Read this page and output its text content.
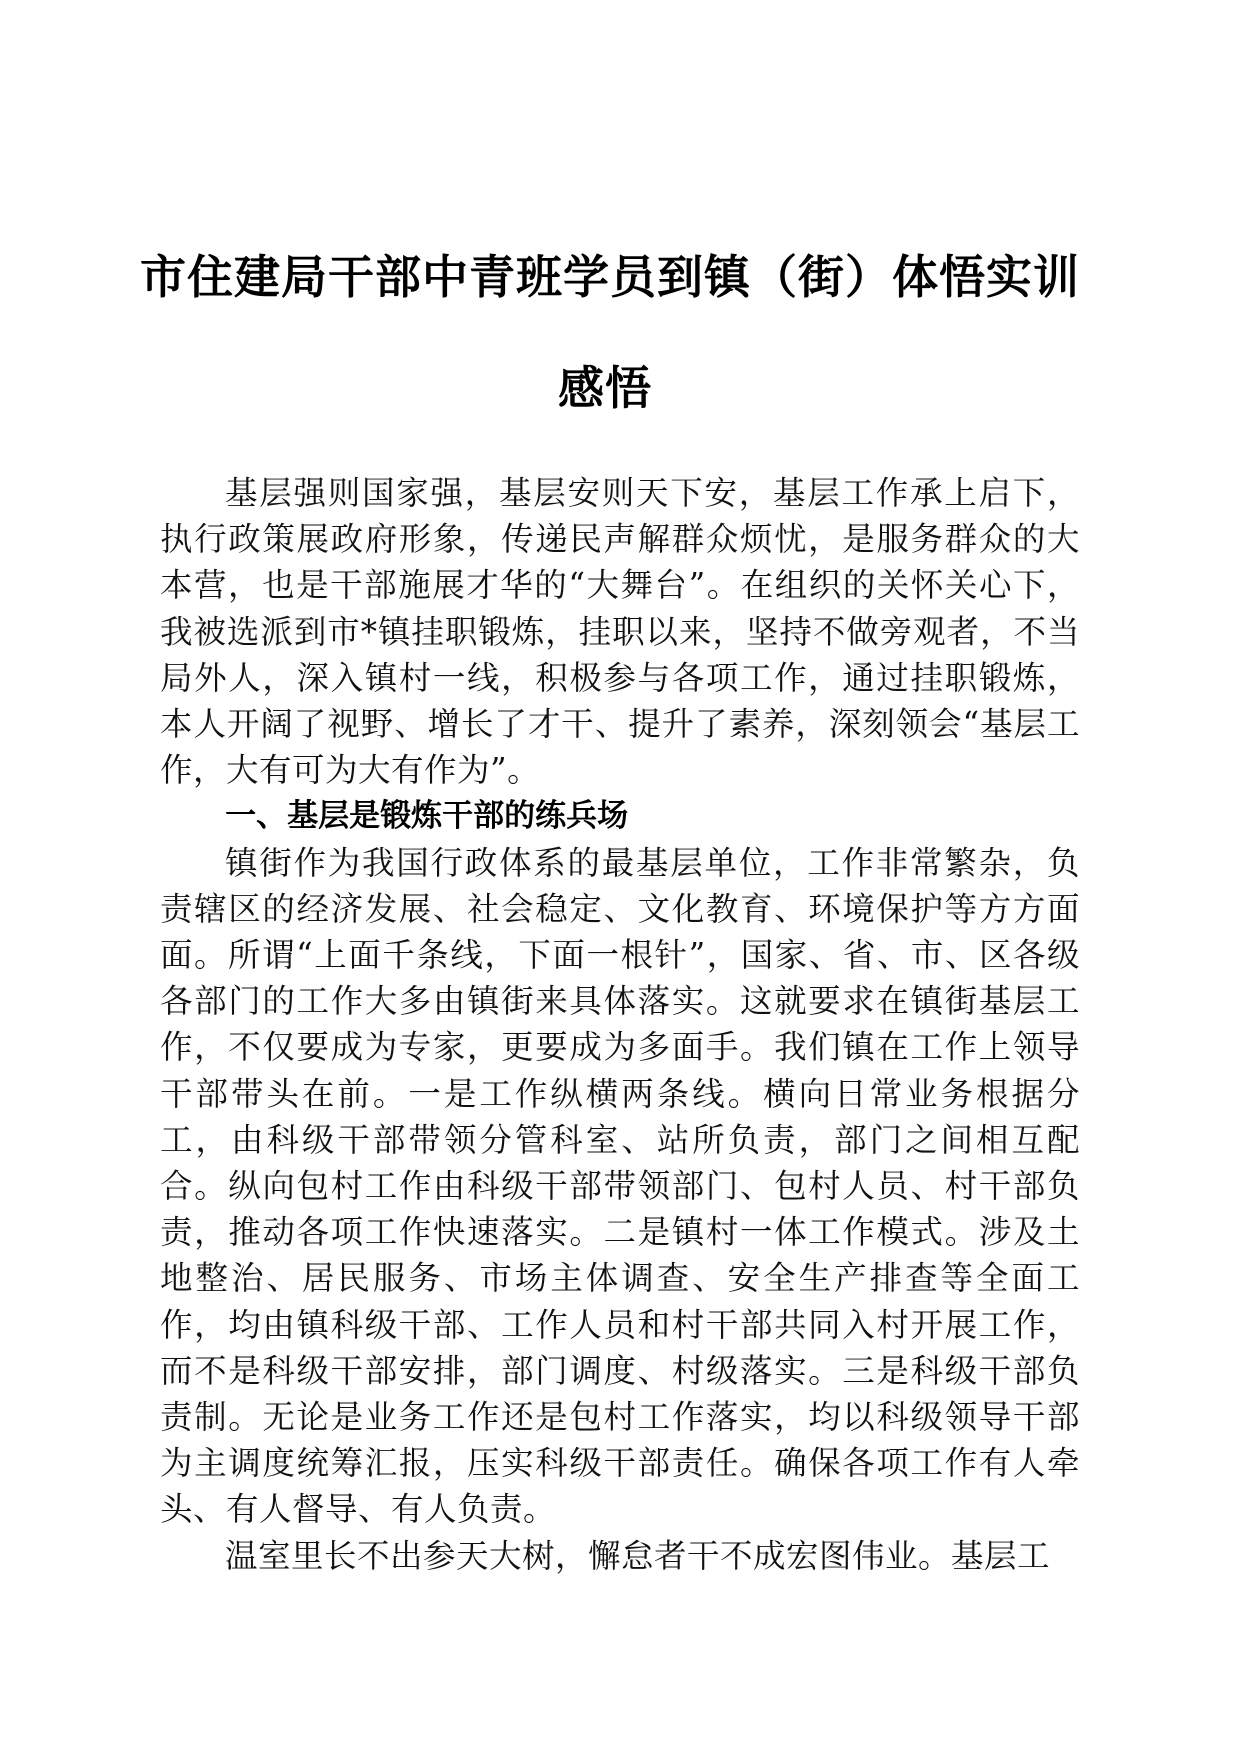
市住建局干部中青班学员到镇（街）体悟实训
感悟

基层强则国家强，基层安则天下安，基层工作承上启下，执行政策展政府形象，传递民声解群众烦忧，是服务群众的大本营，也是干部施展才华的“大舞台”。在组织的关怀关心下，我被选派到市*镇挂职锻炼，挂职以来，坚持不做旁观者，不当局外人，深入镇村一线，积极参与各项工作，通过挂职锻炼，本人开阔了视野、增长了才干、提升了素养，深刻领会“基层工作，大有可为大有作为”。

一、基层是锻炼干部的练兵场

镇街作为我国行政体系的最基层单位，工作非常繁杂，负责辖区的经济发展、社会稳定、文化教育、环境保护等方方面面。所谓“上面千条线，下面一根针”，国家、省、市、区各级各部门的工作大多由镇街来具体落实。这就要求在镇街基层工作，不仅要成为专家，更要成为多面手。我们镇在工作上领导干部带头在前。一是工作纵横两条线。横向日常业务根据分工，由科级干部带领分管科室、站所负责，部门之间相互配合。纵向包村工作由科级干部带领部门、包村人员、村干部负责，推动各项工作快速落实。二是镇村一体工作模式。涉及土地整治、居民服务、市场主体调查、安全生产排查等全面工作，均由镇科级干部、工作人员和村干部共同入村开展工作，而不是科级干部安排，部门调度、村级落实。三是科级干部负责制。无论是业务工作还是包村工作落实，均以科级领导干部为主调度统筹汇报，压实科级干部责任。确保各项工作有人牵头、有人督导、有人负责。

温室里长不出参天大树，懈怠者干不成宏图伟业。基层工
